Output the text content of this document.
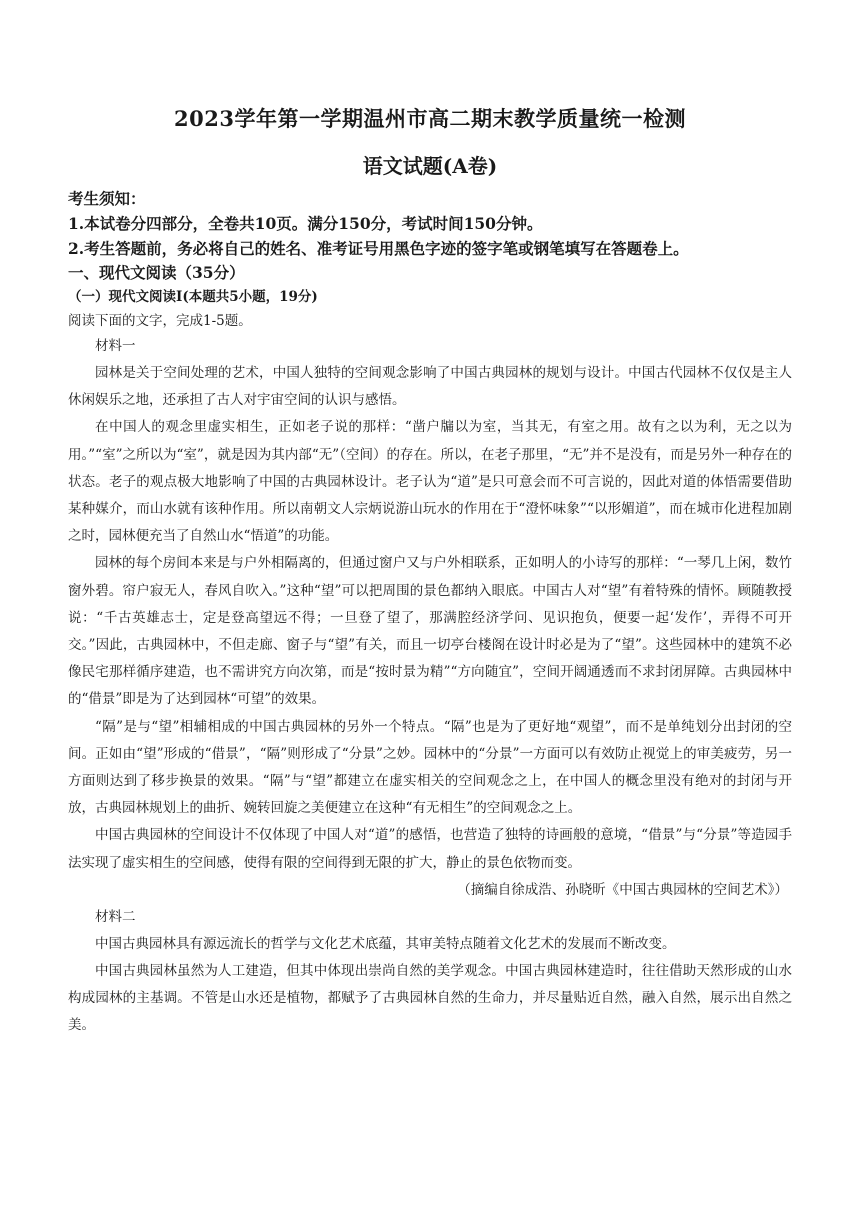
2023学年第一学期温州市高二期末教学质量统一检测
语文试题(A卷)
考生须知：
1.本试卷分四部分，全卷共10页。满分150分，考试时间150分钟。
2.考生答题前，务必将自己的姓名、准考证号用黑色字迹的签字笔或钢笔填写在答题卷上。
一、现代文阅读（35分）
（一）现代文阅读Ⅰ(本题共5小题，19分)
阅读下面的文字，完成1-5题。

材料一

园林是关于空间处理的艺术，中国人独特的空间观念影响了中国古典园林的规划与设计。中国古代园林不仅仅是主人休闲娱乐之地，还承担了古人对宇宙空间的认识与感悟。

在中国人的观念里虚实相生，正如老子说的那样：“凿户牖以为室，当其无，有室之用。故有之以为利，无之以为用。”“室”之所以为“室”，就是因为其内部“无”（空间）的存在。所以，在老子那里，“无”并不是没有，而是另外一种存在的状态。老子的观点极大地影响了中国的古典园林设计。老子认为“道”是只可意会而不可言说的，因此对道的体悟需要借助某种媒介，而山水就有该种作用。所以南朝文人宗炳说游山玩水的作用在于“澄怀味象”“以形媚道”，而在城市化进程加剧之时，园林便充当了自然山水“悟道”的功能。

园林的每个房间本来是与户外相隔离的，但通过窗户又与户外相联系，正如明人的小诗写的那样：“一琴几上闲，数竹窗外碧。帘户寂无人，春风自吹入。”这种“望”可以把周围的景色都纳入眼底。中国古人对“望”有着特殊的情怀。顾随教授说：“千古英雄志士，定是登高望远不得；一旦登了望了，那满腔经济学问、见识抱负，便要一起‘发作’，弄得不可开交。”因此，古典园林中，不但走廊、窗子与“望”有关，而且一切亭台楼阁在设计时必是为了“望”。这些园林中的建筑不必像民宅那样循序建造，也不需讲究方向次第，而是“按时景为精”“方向随宜”，空间开阔通透而不求封闭屏障。古典园林中的“借景”即是为了达到园林“可望”的效果。

“隔”是与“望”相辅相成的中国古典园林的另外一个特点。“隔”也是为了更好地“观望”，而不是单纯划分出封闭的空间。正如由“望”形成的“借景”，“隔”则形成了“分景”之妙。园林中的“分景”一方面可以有效防止视觉上的审美疲劳，另一方面则达到了移步换景的效果。“隔”与“望”都建立在虚实相关的空间观念之上，在中国人的概念里没有绝对的封闭与开放，古典园林规划上的曲折、婉转回旋之美便建立在这种“有无相生”的空间观念之上。

中国古典园林的空间设计不仅体现了中国人对“道”的感悟，也营造了独特的诗画般的意境，“借景”与“分景”等造园手法实现了虚实相生的空间感，使得有限的空间得到无限的扩大，静止的景色依物而变。

（摘编自徐成浩、孙晓昕《中国古典园林的空间艺术》）

材料二

中国古典园林具有源远流长的哲学与文化艺术底蕴，其审美特点随着文化艺术的发展而不断改变。

中国古典园林虽然为人工建造，但其中体现出崇尚自然的美学观念。中国古典园林建造时，往往借助天然形成的山水构成园林的主基调。不管是山水还是植物，都赋予了古典园林自然的生命力，并尽量贴近自然，融入自然，展示出自然之美。
